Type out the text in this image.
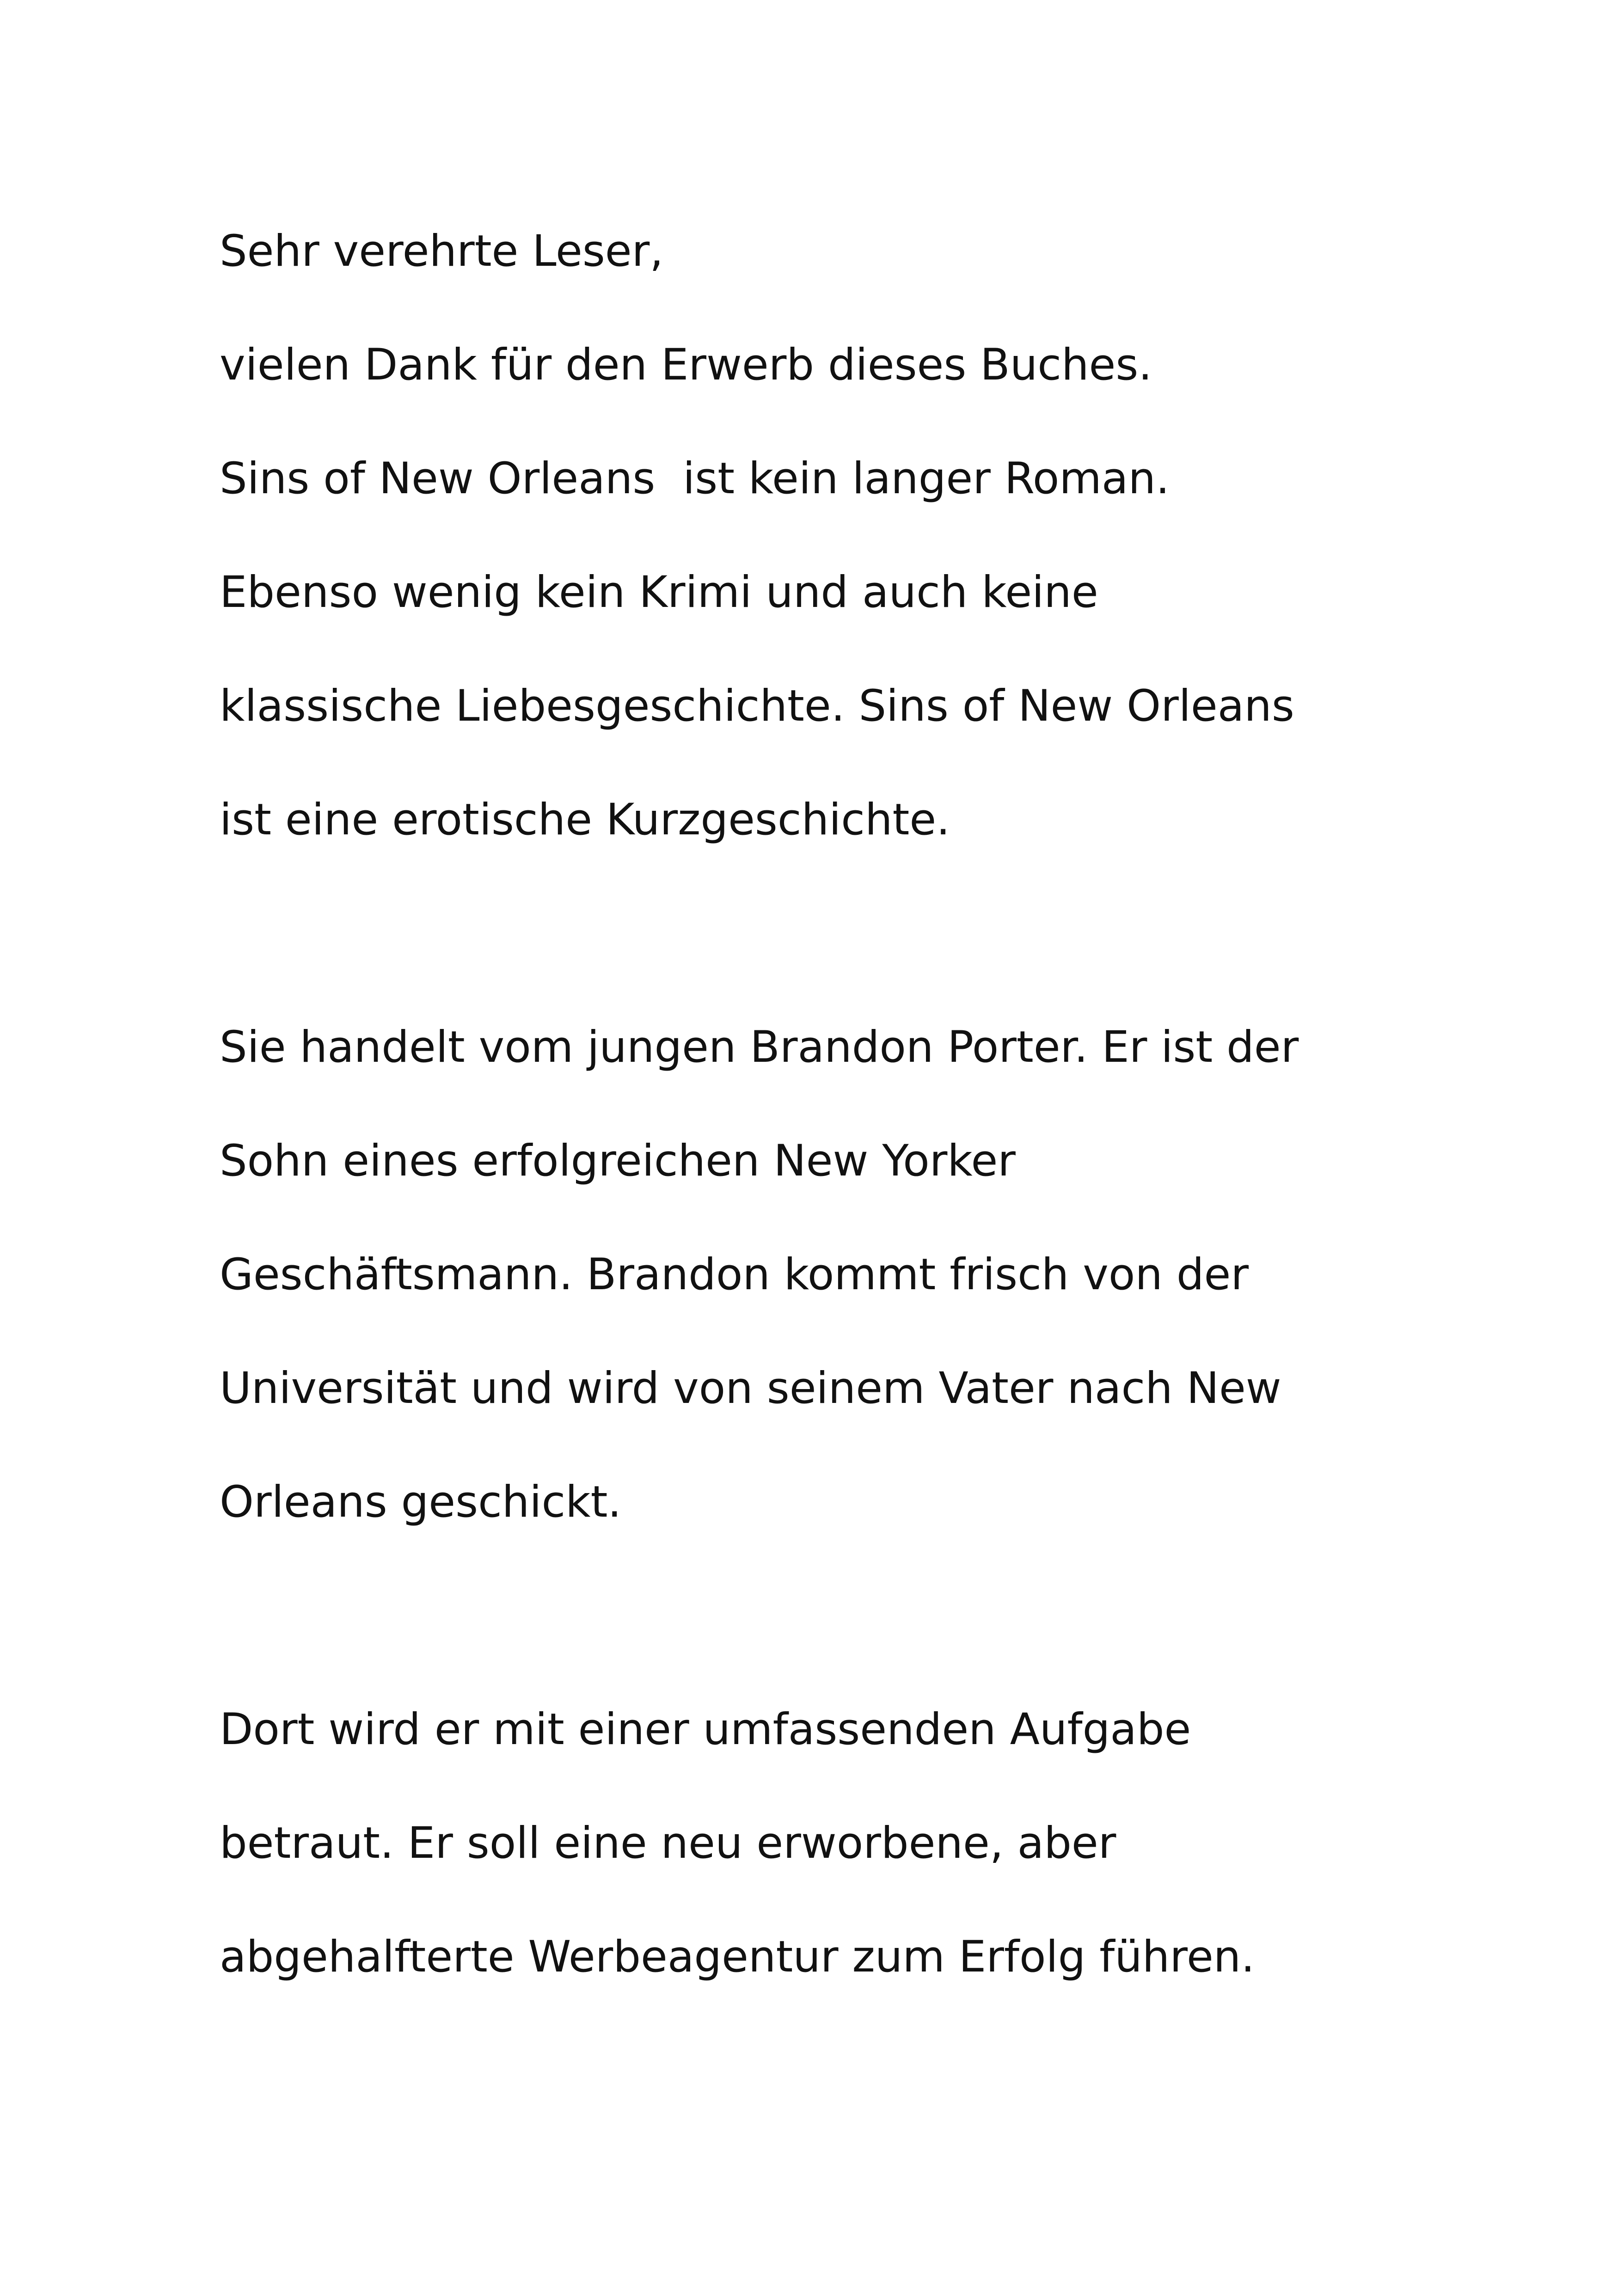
Sehr verehrte Leser,
vielen Dank für den Erwerb dieses Buches.
Sins of New Orleans  ist kein langer Roman.
Ebenso wenig kein Krimi und auch keine
klassische Liebesgeschichte. Sins of New Orleans
ist eine erotische Kurzgeschichte.
Sie handelt vom jungen Brandon Porter. Er ist der
Sohn eines erfolgreichen New Yorker
Geschäftsmann. Brandon kommt frisch von der
Universität und wird von seinem Vater nach New
Orleans geschickt.
Dort wird er mit einer umfassenden Aufgabe
betraut. Er soll eine neu erworbene, aber
abgehalfterte Werbeagentur zum Erfolg führen.
